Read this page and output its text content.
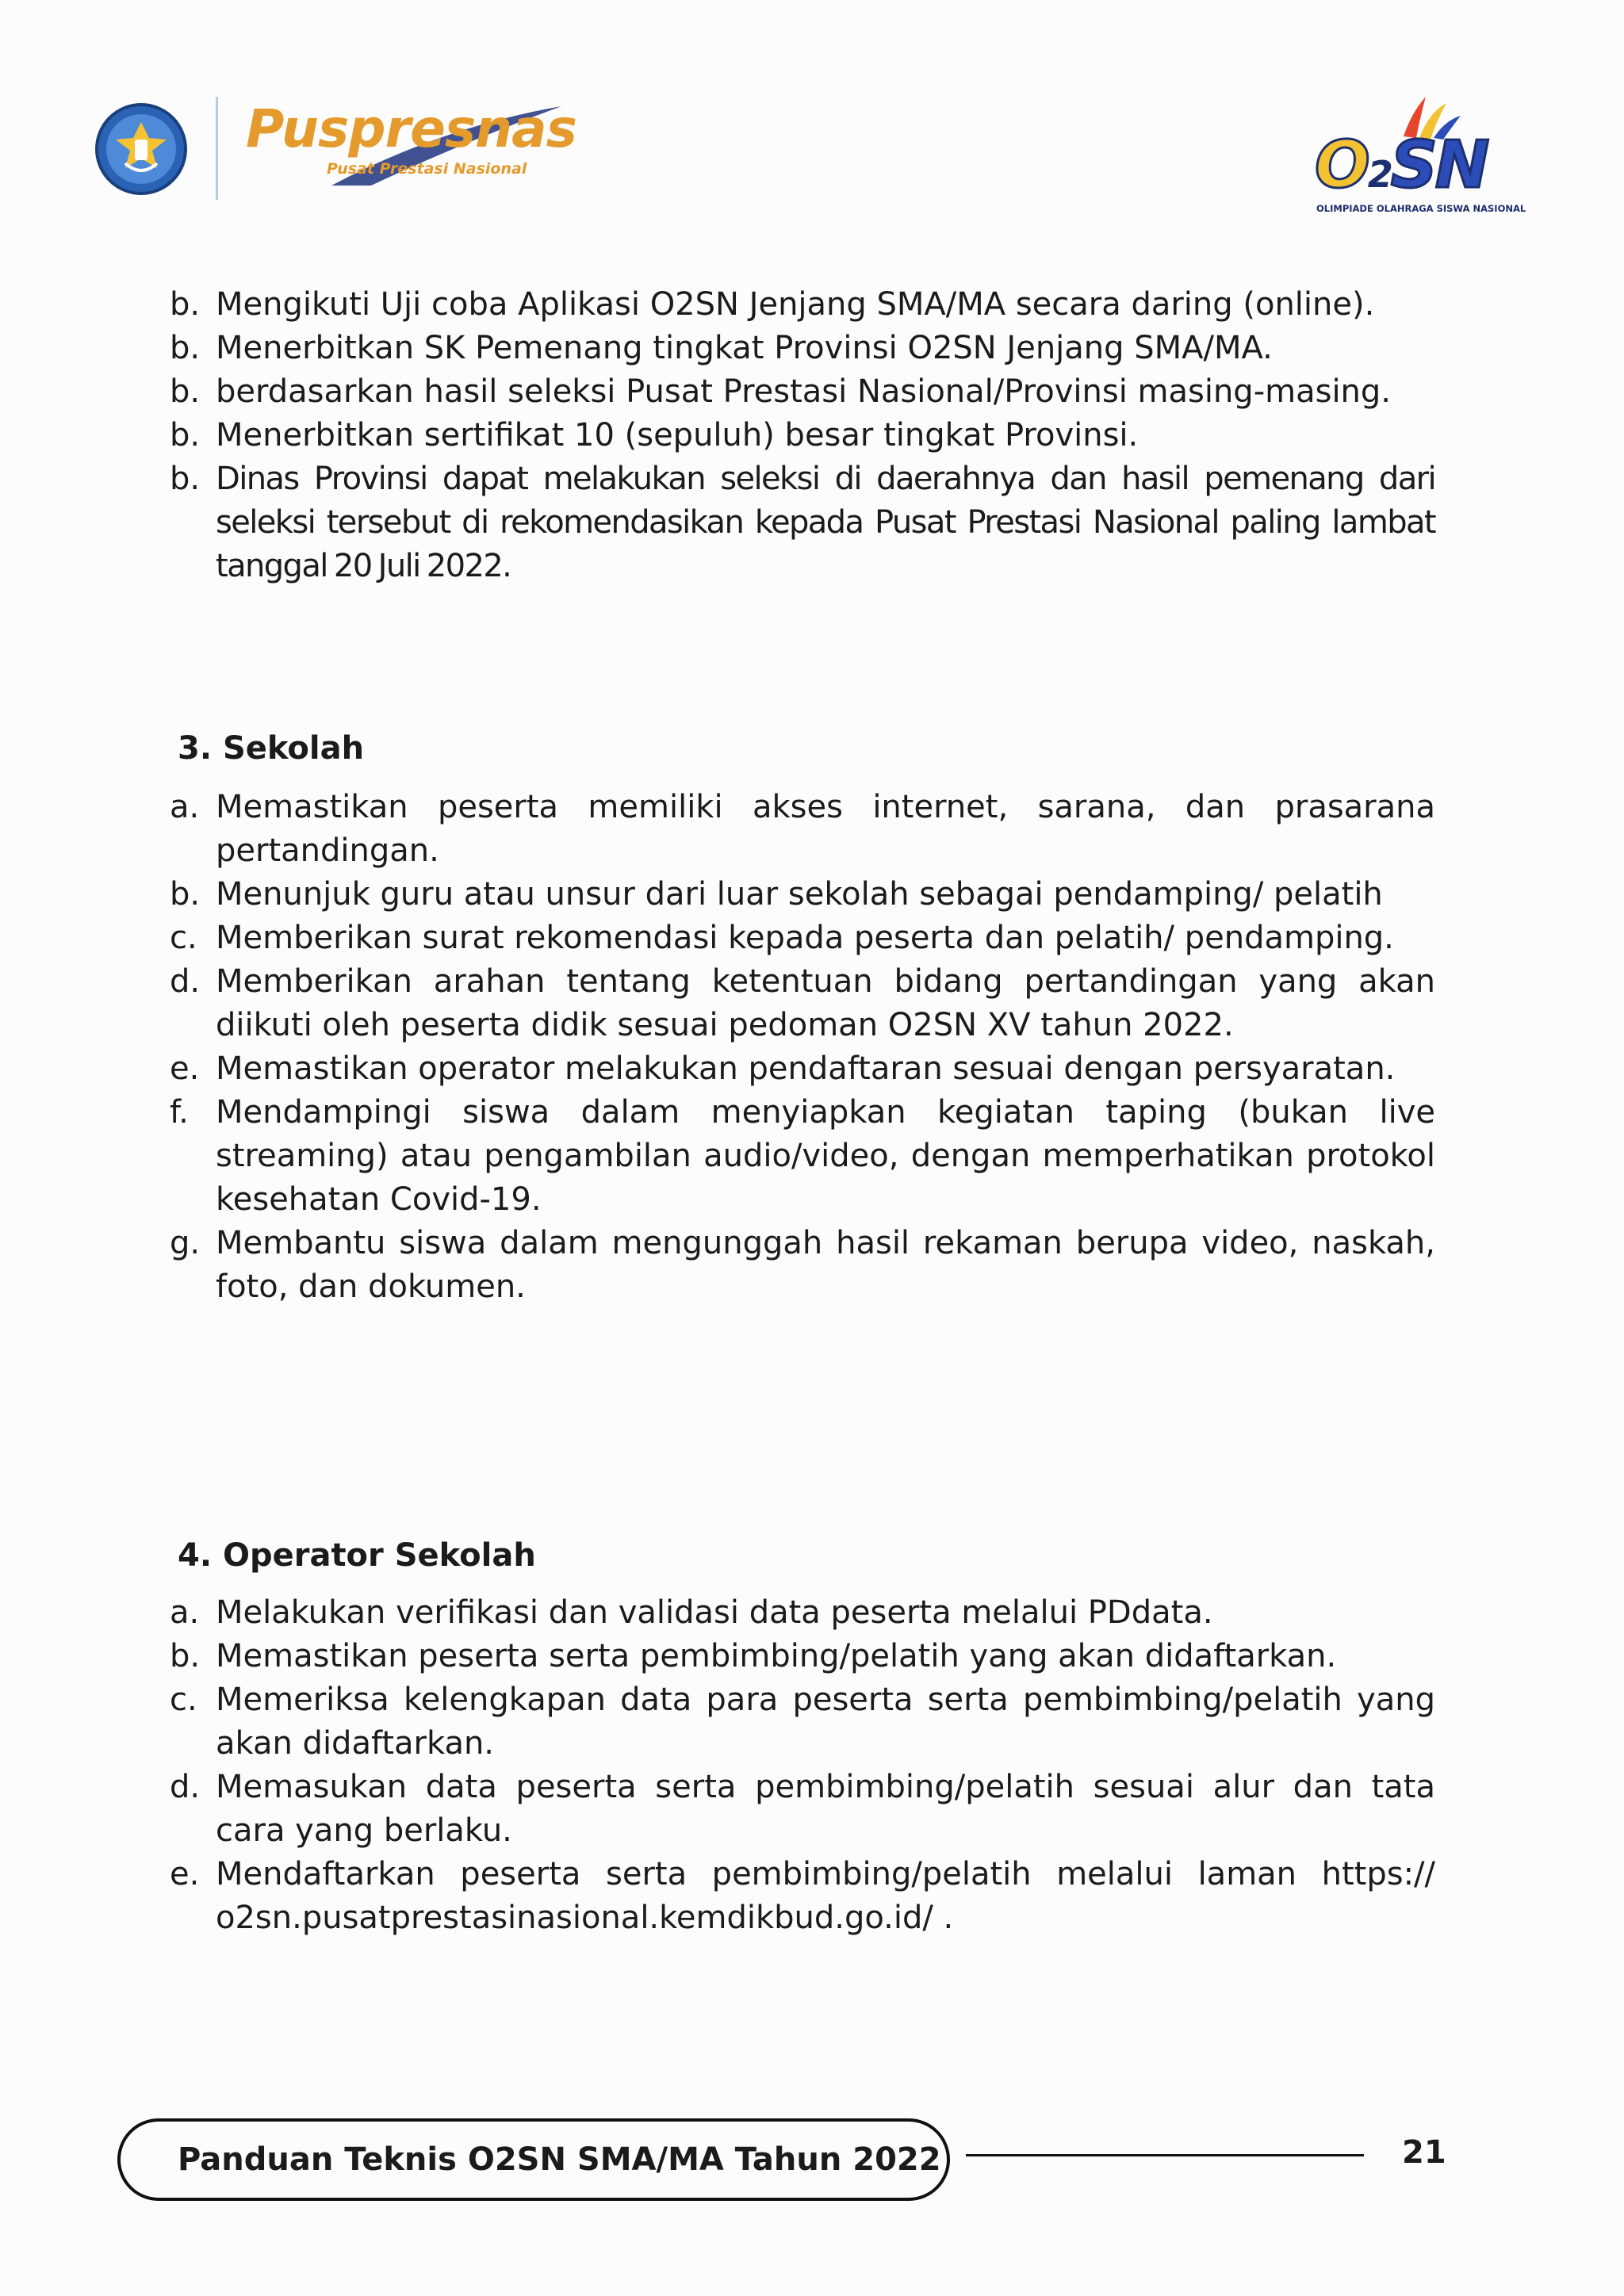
Puspresnas
Pusat Prestasi Nasional	O2SN
OLIMPIADE OLAHRAGA SISWA NASIONAL
b. Mengikuti Uji coba Aplikasi O2SN Jenjang SMA/MA secara daring (online).
b. Menerbitkan SK Pemenang tingkat Provinsi O2SN Jenjang SMA/MA.
b. berdasarkan hasil seleksi Pusat Prestasi Nasional/Provinsi masing-masing.
b. Menerbitkan sertifikat 10 (sepuluh) besar tingkat Provinsi.
b. Dinas Provinsi dapat melakukan seleksi di daerahnya dan hasil pemenang dari seleksi tersebut di rekomendasikan kepada Pusat Prestasi Nasional paling lambat tanggal 20 Juli 2022.
3. Sekolah
a. Memastikan peserta memiliki akses internet, sarana, dan prasarana pertandingan.
b. Menunjuk guru atau unsur dari luar sekolah sebagai pendamping/ pelatih
c. Memberikan surat rekomendasi kepada peserta dan pelatih/ pendamping.
d. Memberikan arahan tentang ketentuan bidang pertandingan yang akan diikuti oleh peserta didik sesuai pedoman O2SN XV tahun 2022.
e. Memastikan operator melakukan pendaftaran sesuai dengan persyaratan.
f. Mendampingi siswa dalam menyiapkan kegiatan taping (bukan live streaming) atau pengambilan audio/video, dengan memperhatikan protokol kesehatan Covid-19.
g. Membantu siswa dalam mengunggah hasil rekaman berupa video, naskah, foto, dan dokumen.
4. Operator Sekolah
a. Melakukan verifikasi dan validasi data peserta melalui PDdata.
b. Memastikan peserta serta pembimbing/pelatih yang akan didaftarkan.
c. Memeriksa kelengkapan data para peserta serta pembimbing/pelatih yang akan didaftarkan.
d. Memasukan data peserta serta pembimbing/pelatih sesuai alur dan tata cara yang berlaku.
e. Mendaftarkan peserta serta pembimbing/pelatih melalui laman https:// o2sn.pusatprestasinasional.kemdikbud.go.id/ .
Panduan Teknis O2SN SMA/MA Tahun 2022	21
